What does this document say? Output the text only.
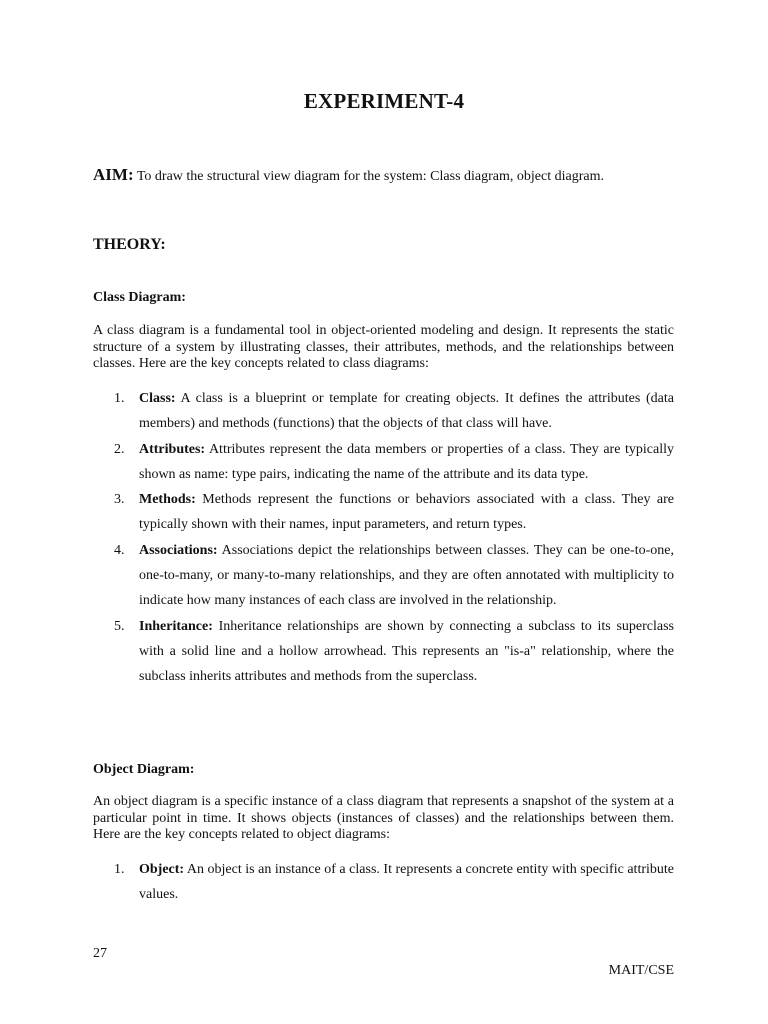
EXPERIMENT-4
AIM: To draw the structural view diagram for the system: Class diagram, object diagram.
THEORY:
Class Diagram:

A class diagram is a fundamental tool in object-oriented modeling and design. It represents the static structure of a system by illustrating classes, their attributes, methods, and the relationships between classes. Here are the key concepts related to class diagrams:

1. Class: A class is a blueprint or template for creating objects. It defines the attributes (data members) and methods (functions) that the objects of that class will have.
2. Attributes: Attributes represent the data members or properties of a class. They are typically shown as name: type pairs, indicating the name of the attribute and its data type.
3. Methods: Methods represent the functions or behaviors associated with a class. They are typically shown with their names, input parameters, and return types.
4. Associations: Associations depict the relationships between classes. They can be one-to-one, one-to-many, or many-to-many relationships, and they are often annotated with multiplicity to indicate how many instances of each class are involved in the relationship.
5. Inheritance: Inheritance relationships are shown by connecting a subclass to its superclass with a solid line and a hollow arrowhead. This represents an "is-a" relationship, where the subclass inherits attributes and methods from the superclass.
Object Diagram:

An object diagram is a specific instance of a class diagram that represents a snapshot of the system at a particular point in time. It shows objects (instances of classes) and the relationships between them. Here are the key concepts related to object diagrams:

1. Object: An object is an instance of a class. It represents a concrete entity with specific attribute values.
27
MAIT/CSE
